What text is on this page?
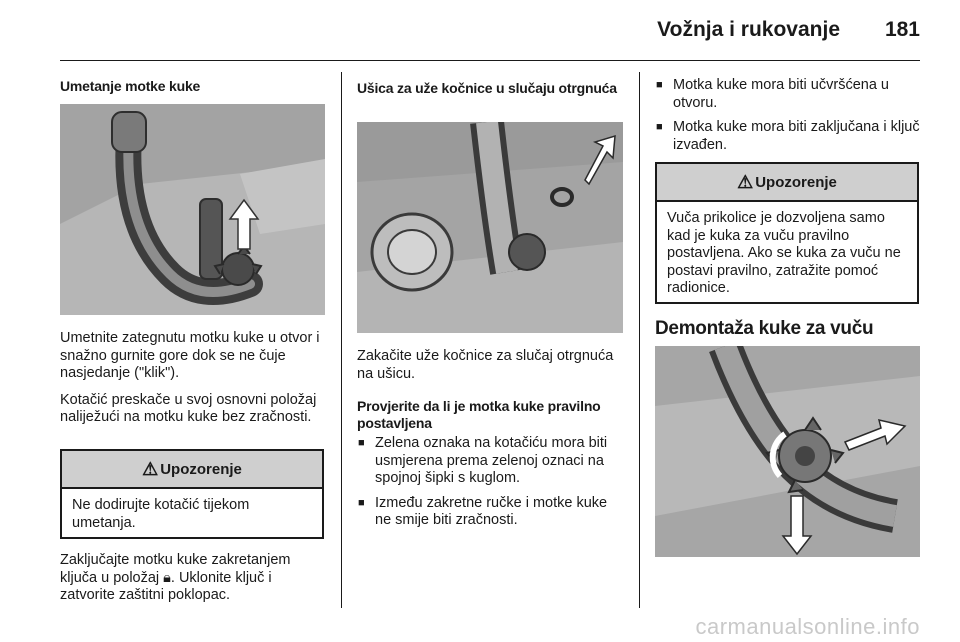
Vožnja i rukovanje 181
Umetanje motke kuke

Umetnite zategnutu motku kuke u otvor i snažno gurnite gore dok se ne čuje nasjedanje ("klik").

Kotačić preskače u svoj osnovni položaj naliježući na motku kuke bez zračnosti.

⚠ Upozorenje
Ne dodirujte kotačić tijekom umetanja.

Zaključajte motku kuke zakretanjem ključa u položaj 🔒︎. Uklonite ključ i zatvorite zaštitni poklopac.

Ušica za uže kočnice u slučaju otrgnuća

Zakačite uže kočnice za slučaj otrgnuća na ušicu.

Provjerite da li je motka kuke pravilno postavljena
■ Zelena oznaka na kotačiću mora biti usmjerena prema zelenoj oznaci na spojnoj šipki s kuglom.
■ Između zakretne ručke i motke kuke ne smije biti zračnosti.
■ Motka kuke mora biti učvršćena u otvoru.
■ Motka kuke mora biti zaključana i ključ izvađen.
⚠ Upozorenje
Vuča prikolice je dozvoljena samo kad je kuka za vuču pravilno postavljena. Ako se kuka za vuču ne postavi pravilno, zatražite pomoć radionice.
Demontaža kuke za vuču
carmanualsonline.info
